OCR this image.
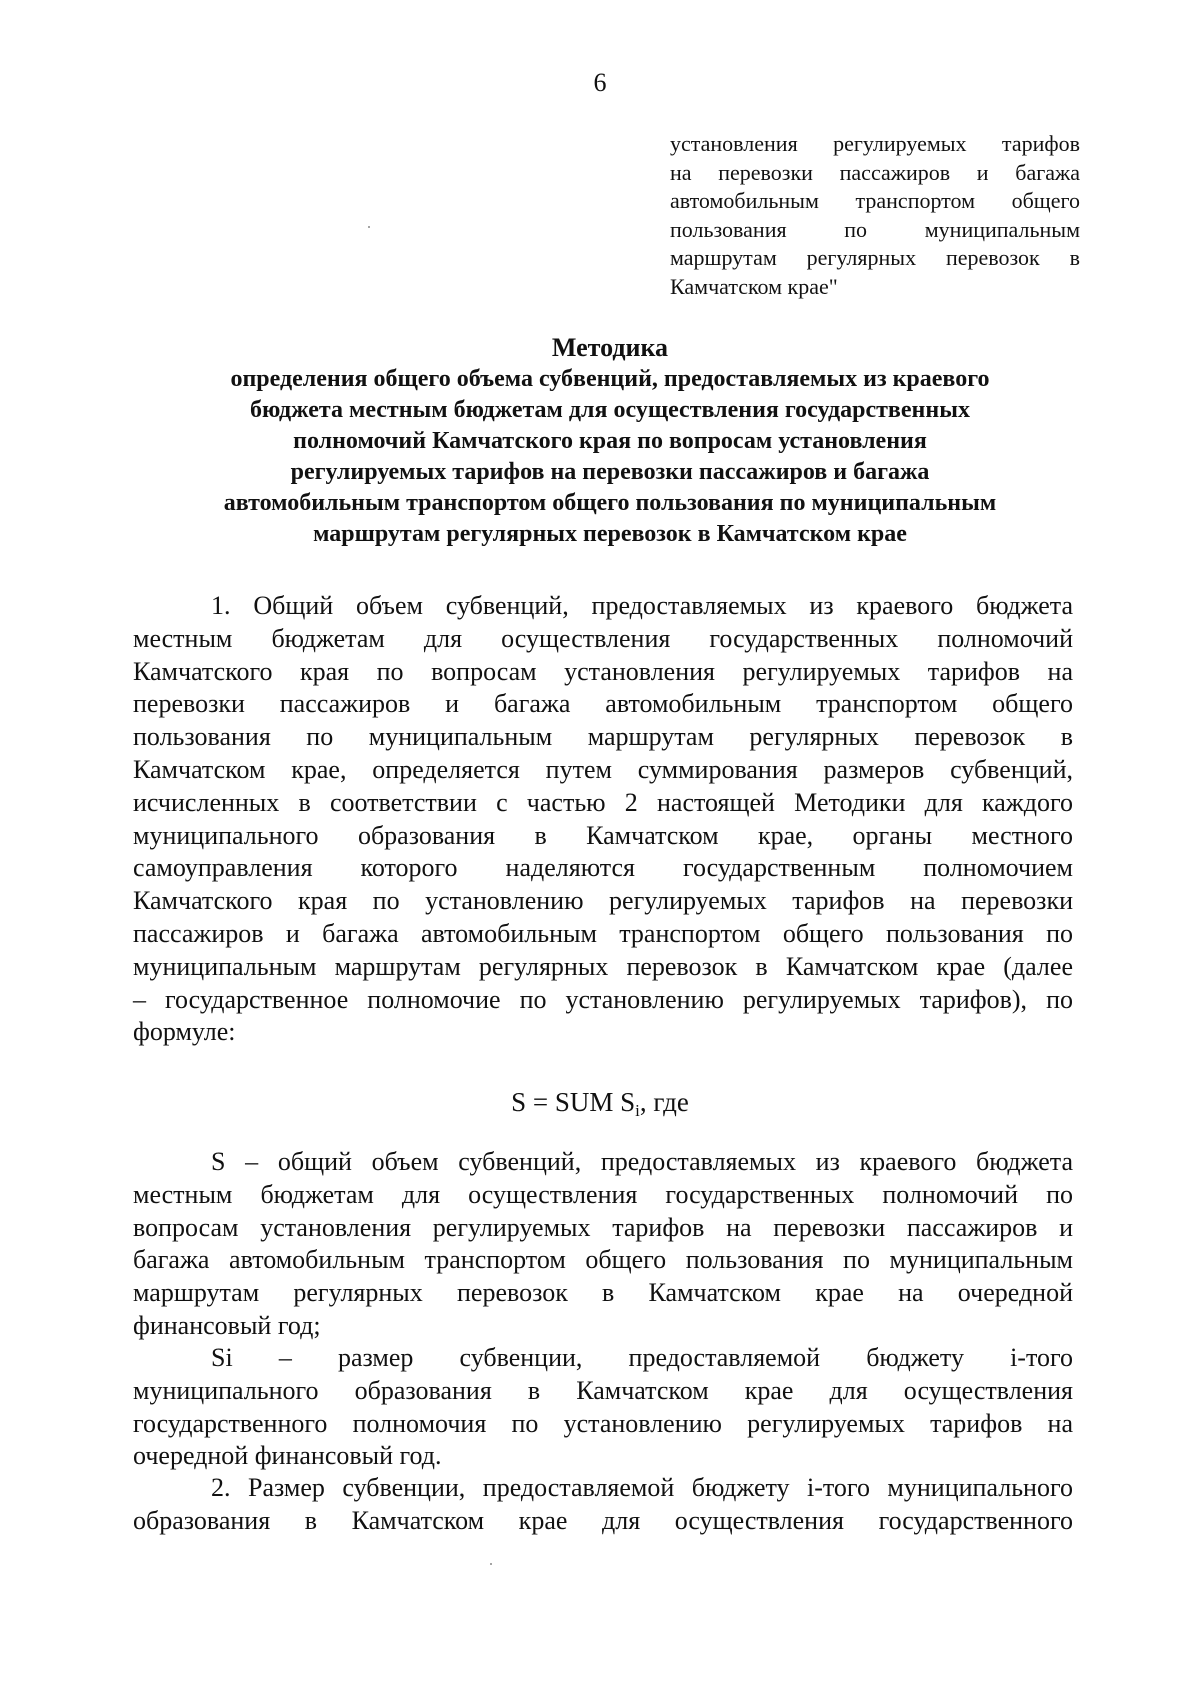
6
установления регулируемых тарифов
на перевозки пассажиров и багажа
автомобильным транспортом общего
пользования по муниципальным
маршрутам регулярных перевозок в
Камчатском крае"
Методика
определения общего объема субвенций, предоставляемых из краевого
бюджета местным бюджетам для осуществления государственных
полномочий Камчатского края по вопросам установления
регулируемых тарифов на перевозки пассажиров и багажа
автомобильным транспортом общего пользования по муниципальным
маршрутам регулярных перевозок в Камчатском крае
1. Общий объем субвенций, предоставляемых из краевого бюджета
местным бюджетам для осуществления государственных полномочий
Камчатского края по вопросам установления регулируемых тарифов на
перевозки пассажиров и багажа автомобильным транспортом общего
пользования по муниципальным маршрутам регулярных перевозок в
Камчатском крае, определяется путем суммирования размеров субвенций,
исчисленных в соответствии с частью 2 настоящей Методики для каждого
муниципального образования в Камчатском крае, органы местного
самоуправления которого наделяются государственным полномочием
Камчатского края по установлению регулируемых тарифов на перевозки
пассажиров и багажа автомобильным транспортом общего пользования по
муниципальным маршрутам регулярных перевозок в Камчатском крае (далее
– государственное полномочие по установлению регулируемых тарифов), по
формуле:
S = SUM $S_i$, где
S – общий объем субвенций, предоставляемых из краевого бюджета
местным бюджетам для осуществления государственных полномочий по
вопросам установления регулируемых тарифов на перевозки пассажиров и
багажа автомобильным транспортом общего пользования по муниципальным
маршрутам регулярных перевозок в Камчатском крае на очередной
финансовый год;
Si – размер субвенции, предоставляемой бюджету i-того
муниципального образования в Камчатском крае для осуществления
государственного полномочия по установлению регулируемых тарифов на
очередной финансовый год.
2. Размер субвенции, предоставляемой бюджету i-того муниципального
образования в Камчатском крае для осуществления государственного
